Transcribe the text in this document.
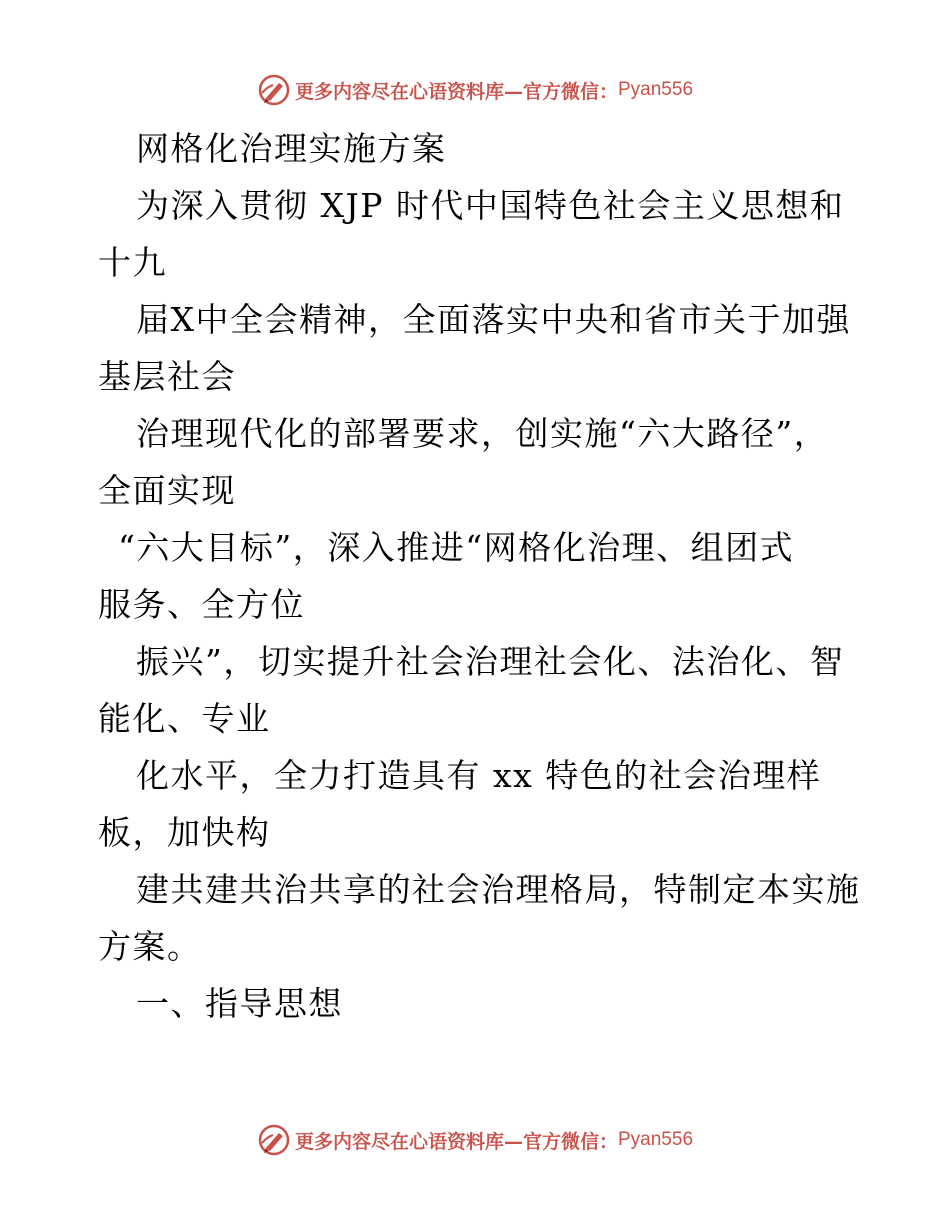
更多内容尽在心语资料库—官方微信： Pyan556
网格化治理实施方案
为深入贯彻 XJP 时代中国特色社会主义思想和
十九
届X中全会精神，全面落实中央和省市关于加强
基层社会
治理现代化的部署要求，创实施“六大路径”，
全面实现
“六大目标”，深入推进“网格化治理、组团式
服务、全方位
振兴”，切实提升社会治理社会化、法治化、智
能化、专业
化水平，全力打造具有 xx 特色的社会治理样
板，加快构
建共建共治共享的社会治理格局，特制定本实施
方案。
一、指导思想
更多内容尽在心语资料库—官方微信： Pyan556
